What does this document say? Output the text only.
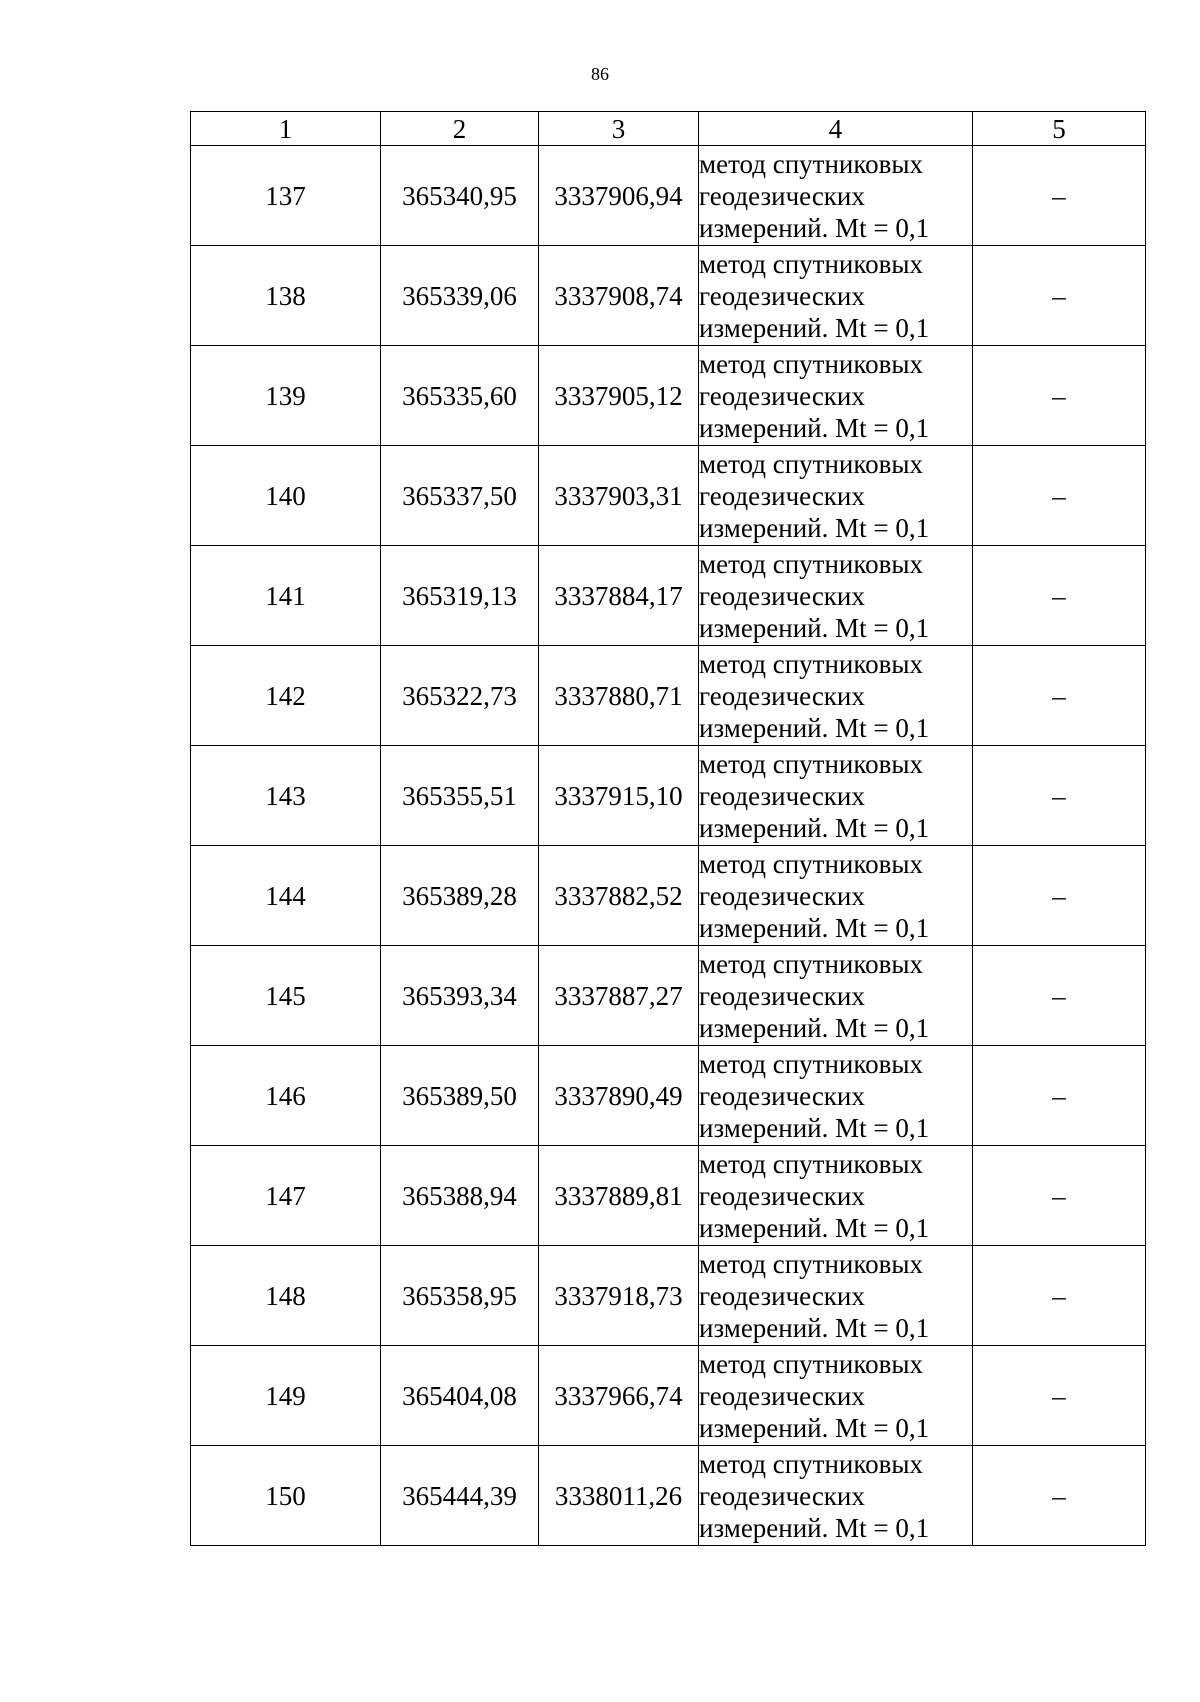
86
1	2	3	4	5
137	365340,95	3337906,94	метод спутниковых
геодезических
измерений. Mt = 0,1	–
138	365339,06	3337908,74	метод спутниковых
геодезических
измерений. Mt = 0,1	–
139	365335,60	3337905,12	метод спутниковых
геодезических
измерений. Mt = 0,1	–
140	365337,50	3337903,31	метод спутниковых
геодезических
измерений. Mt = 0,1	–
141	365319,13	3337884,17	метод спутниковых
геодезических
измерений. Mt = 0,1	–
142	365322,73	3337880,71	метод спутниковых
геодезических
измерений. Mt = 0,1	–
143	365355,51	3337915,10	метод спутниковых
геодезических
измерений. Mt = 0,1	–
144	365389,28	3337882,52	метод спутниковых
геодезических
измерений. Mt = 0,1	–
145	365393,34	3337887,27	метод спутниковых
геодезических
измерений. Mt = 0,1	–
146	365389,50	3337890,49	метод спутниковых
геодезических
измерений. Mt = 0,1	–
147	365388,94	3337889,81	метод спутниковых
геодезических
измерений. Mt = 0,1	–
148	365358,95	3337918,73	метод спутниковых
геодезических
измерений. Mt = 0,1	–
149	365404,08	3337966,74	метод спутниковых
геодезических
измерений. Mt = 0,1	–
150	365444,39	3338011,26	метод спутниковых
геодезических
измерений. Mt = 0,1	–
